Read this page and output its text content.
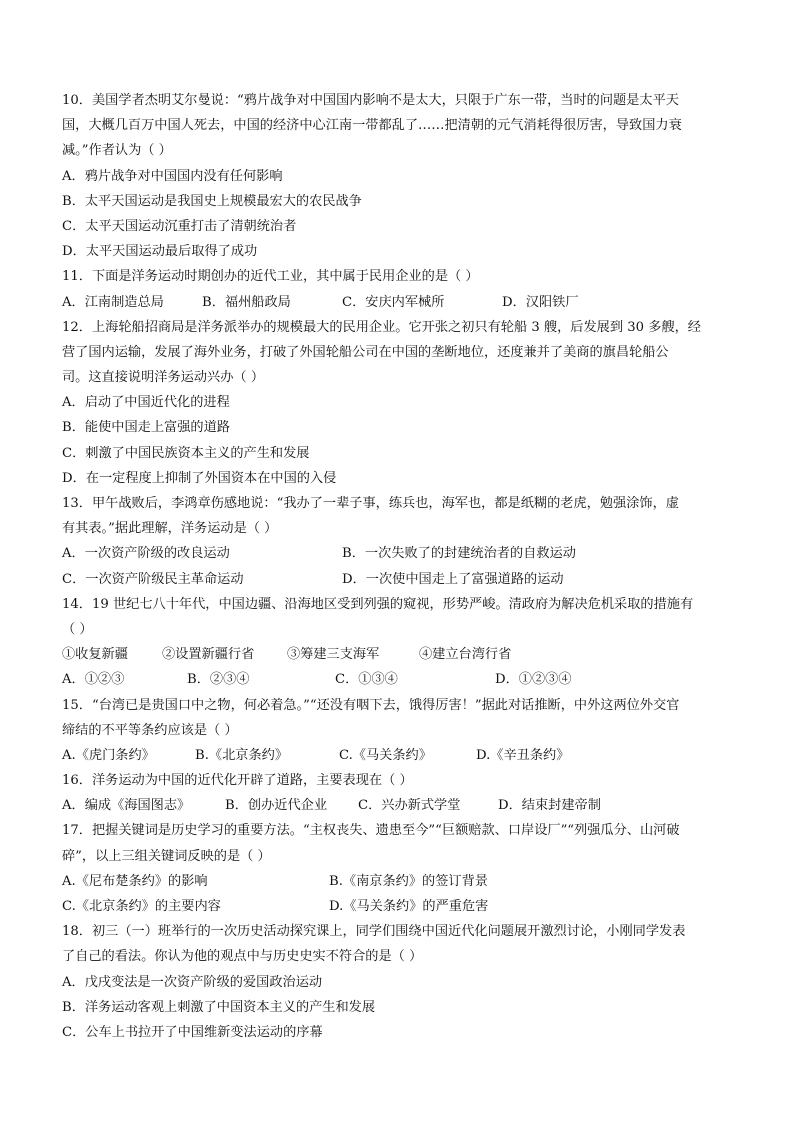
10．美国学者杰明艾尔曼说：“鸦片战争对中国国内影响不是太大，只限于广东一带，当时的问题是太平天
国，大概几百万中国人死去，中国的经济中心江南一带都乱了……把清朝的元气消耗得很厉害，导致国力衰
减。”作者认为（ ）
A．鸦片战争对中国国内没有任何影响
B．太平天国运动是我国史上规模最宏大的农民战争
C．太平天国运动沉重打击了清朝统治者
D．太平天国运动最后取得了成功
11．下面是洋务运动时期创办的近代工业，其中属于民用企业的是（ ）
A．江南制造总局	B．福州船政局	C．安庆内军械所	D．汉阳铁厂
12．上海轮船招商局是洋务派举办的规模最大的民用企业。它开张之初只有轮船 3 艘，后发展到 30 多艘，经
营了国内运输，发展了海外业务，打破了外国轮船公司在中国的垄断地位，还度兼并了美商的旗昌轮船公
司。这直接说明洋务运动兴办（ ）
A．启动了中国近代化的进程
B．能使中国走上富强的道路
C．刺激了中国民族资本主义的产生和发展
D．在一定程度上抑制了外国资本在中国的入侵
13．甲午战败后，李鸿章伤感地说：“我办了一辈子事，练兵也，海军也，都是纸糊的老虎，勉强涂饰，虚
有其表。”据此理解，洋务运动是（ ）
A．一次资产阶级的改良运动	B．一次失败了的封建统治者的自救运动
C．一次资产阶级民主革命运动	D．一次使中国走上了富强道路的运动
14．19 世纪七八十年代，中国边疆、沿海地区受到列强的窥视，形势严峻。清政府为解决危机采取的措施有
（ ）
①收复新疆	②设置新疆行省	③筹建三支海军	④建立台湾行省
A．①②③	B．②③④	C．①③④	D．①②③④
15．“台湾已是贵国口中之物，何必着急。”“还没有咽下去，饿得厉害！”据此对话推断，中外这两位外交官
缔结的不平等条约应该是（ ）
A.《虎门条约》	B.《北京条约》	C.《马关条约》	D.《辛丑条约》
16．洋务运动为中国的近代化开辟了道路，主要表现在（ ）
A．编成《海国图志》	B．创办近代企业	C．兴办新式学堂	D．结束封建帝制
17．把握关键词是历史学习的重要方法。“主权丧失、遗患至今”“巨额赔款、口岸设厂”“列强瓜分、山河破
碎”，以上三组关键词反映的是（ ）
A.《尼布楚条约》的影响	B.《南京条约》的签订背景
C.《北京条约》的主要内容	D.《马关条约》的严重危害
18．初三（一）班举行的一次历史活动探究课上，同学们围绕中国近代化问题展开激烈讨论，小刚同学发表
了自己的看法。你认为他的观点中与历史史实不符合的是（ ）
A．戊戌变法是一次资产阶级的爱国政治运动
B．洋务运动客观上刺激了中国资本主义的产生和发展
C．公车上书拉开了中国维新变法运动的序幕
